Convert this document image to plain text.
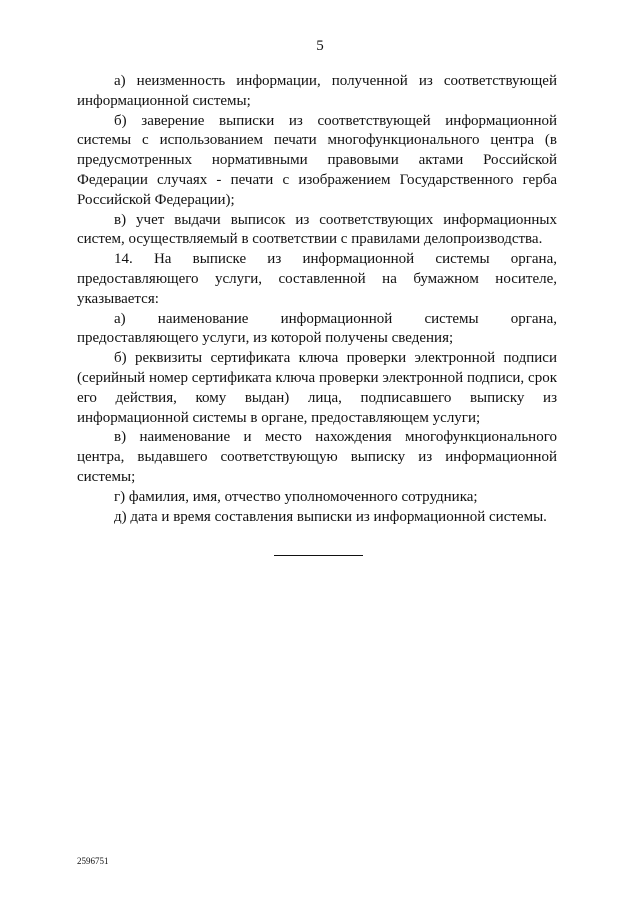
5

а) неизменность информации, полученной из соответствующей информационной системы;

б) заверение выписки из соответствующей информационной системы с использованием печати многофункционального центра (в предусмотренных нормативными правовыми актами Российской Федерации случаях - печати с изображением Государственного герба Российской Федерации);

в) учет выдачи выписок из соответствующих информационных систем, осуществляемый в соответствии с правилами делопроизводства.

14. На выписке из информационной системы органа, предоставляющего услуги, составленной на бумажном носителе, указывается:

а) наименование информационной системы органа, предоставляющего услуги, из которой получены сведения;

б) реквизиты сертификата ключа проверки электронной подписи (серийный номер сертификата ключа проверки электронной подписи, срок его действия, кому выдан) лица, подписавшего выписку из информационной системы в органе, предоставляющем услуги;

в) наименование и место нахождения многофункционального центра, выдавшего соответствующую выписку из информационной системы;

г) фамилия, имя, отчество уполномоченного сотрудника;

д) дата и время составления выписки из информационной системы.

2596751
